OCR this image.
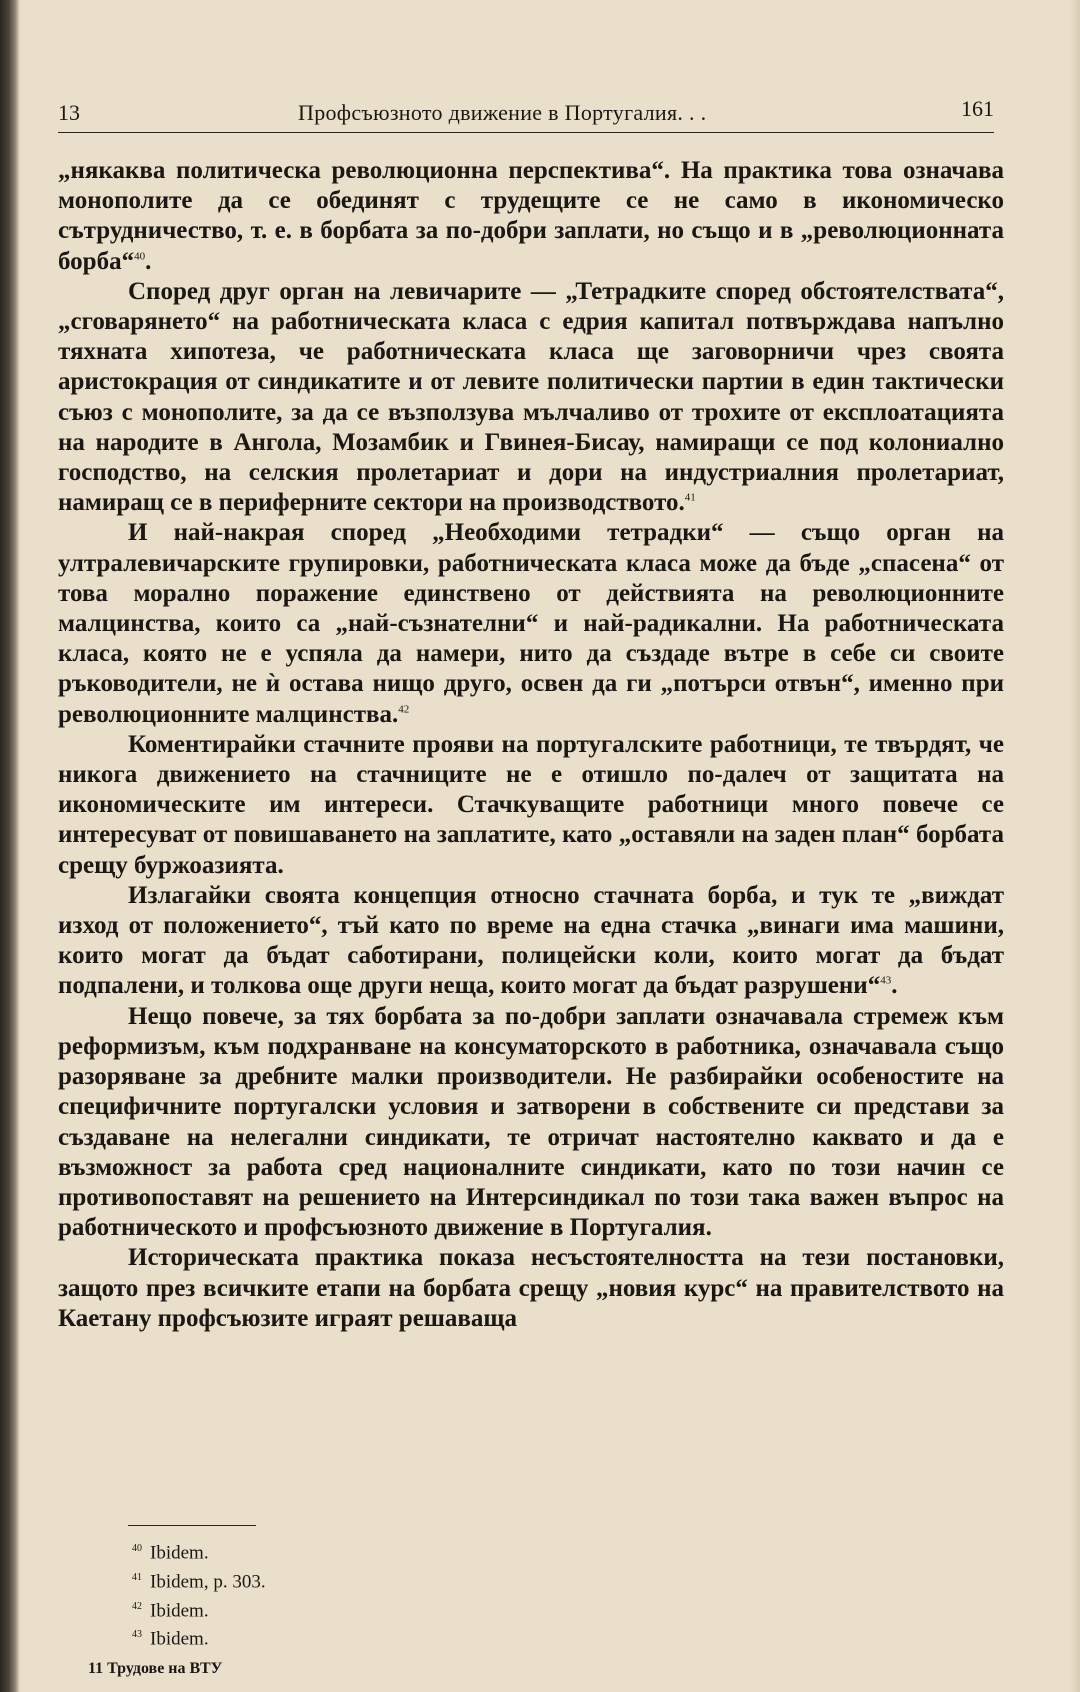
13	Профсъюзното движение в Португалия. . .	161

„някаква политическа революционна перспектива“. На практика това означава монополите да се обединят с трудещите се не само в икономическо сътрудничество, т. е. в борбата за по-добри заплати, но също и в „революционната борба“$^{40}$.

Според друг орган на левичарите — „Тетрадките според обстоятелствата“, „сговарянето“ на работническата класа с едрия капитал потвърждава напълно тяхната хипотеза, че работническата класа ще заговорничи чрез своята аристокрация от синдикатите и от левите политически партии в един тактически съюз с монополите, за да се възползува мълчаливо от трохите от експлоатацията на народите в Ангола, Мозамбик и Гвинея-Бисау, намиращи се под колониално господство, на селския пролетариат и дори на индустриалния пролетариат, намиращ се в периферните сектори на производството.$^{41}$

И най-накрая според „Необходими тетрадки“ — също орган на ултралевичарските групировки, работническата класа може да бъде „спасена“ от това морално поражение единствено от действията на революционните малцинства, които са „най-съзнателни“ и най-радикални. На работническата класа, която не е успяла да намери, нито да създаде вътре в себе си своите ръководители, не ѝ остава нищо друго, освен да ги „потърси отвън“, именно при революционните малцинства.$^{42}$

Коментирайки стачните прояви на португалските работници, те твърдят, че никога движението на стачниците не е отишло по-далеч от защитата на икономическите им интереси. Стачкуващите работници много повече се интересуват от повишаването на заплатите, като „оставяли на заден план“ борбата срещу буржоазията.

Излагайки своята концепция относно стачната борба, и тук те „виждат изход от положението“, тъй като по време на една стачка „винаги има машини, които могат да бъдат саботирани, полицейски коли, които могат да бъдат подпалени, и толкова още други неща, които могат да бъдат разрушени“$^{43}$.

Нещо повече, за тях борбата за по-добри заплати означавала стремеж към реформизъм, към подхранване на консуматорското в работника, означавала също разоряване за дребните малки производители. Не разбирайки особеностите на специфичните португалски условия и затворени в собствените си представи за създаване на нелегални синдикати, те отричат настоятелно каквато и да е възможност за работа сред националните синдикати, като по този начин се противопоставят на решението на Интерсиндикал по този така важен въпрос на работническото и профсъюзното движение в Португалия.

Историческата практика показа несъстоятелността на тези постановки, защото през всичките етапи на борбата срещу „новия курс“ на правителството на Каетану профсъюзите играят решаваща

$^{40}$ Ibidem.
$^{41}$ Ibidem, p. 303.
$^{42}$ Ibidem.
$^{43}$ Ibidem.
11 Трудове на ВТУ
